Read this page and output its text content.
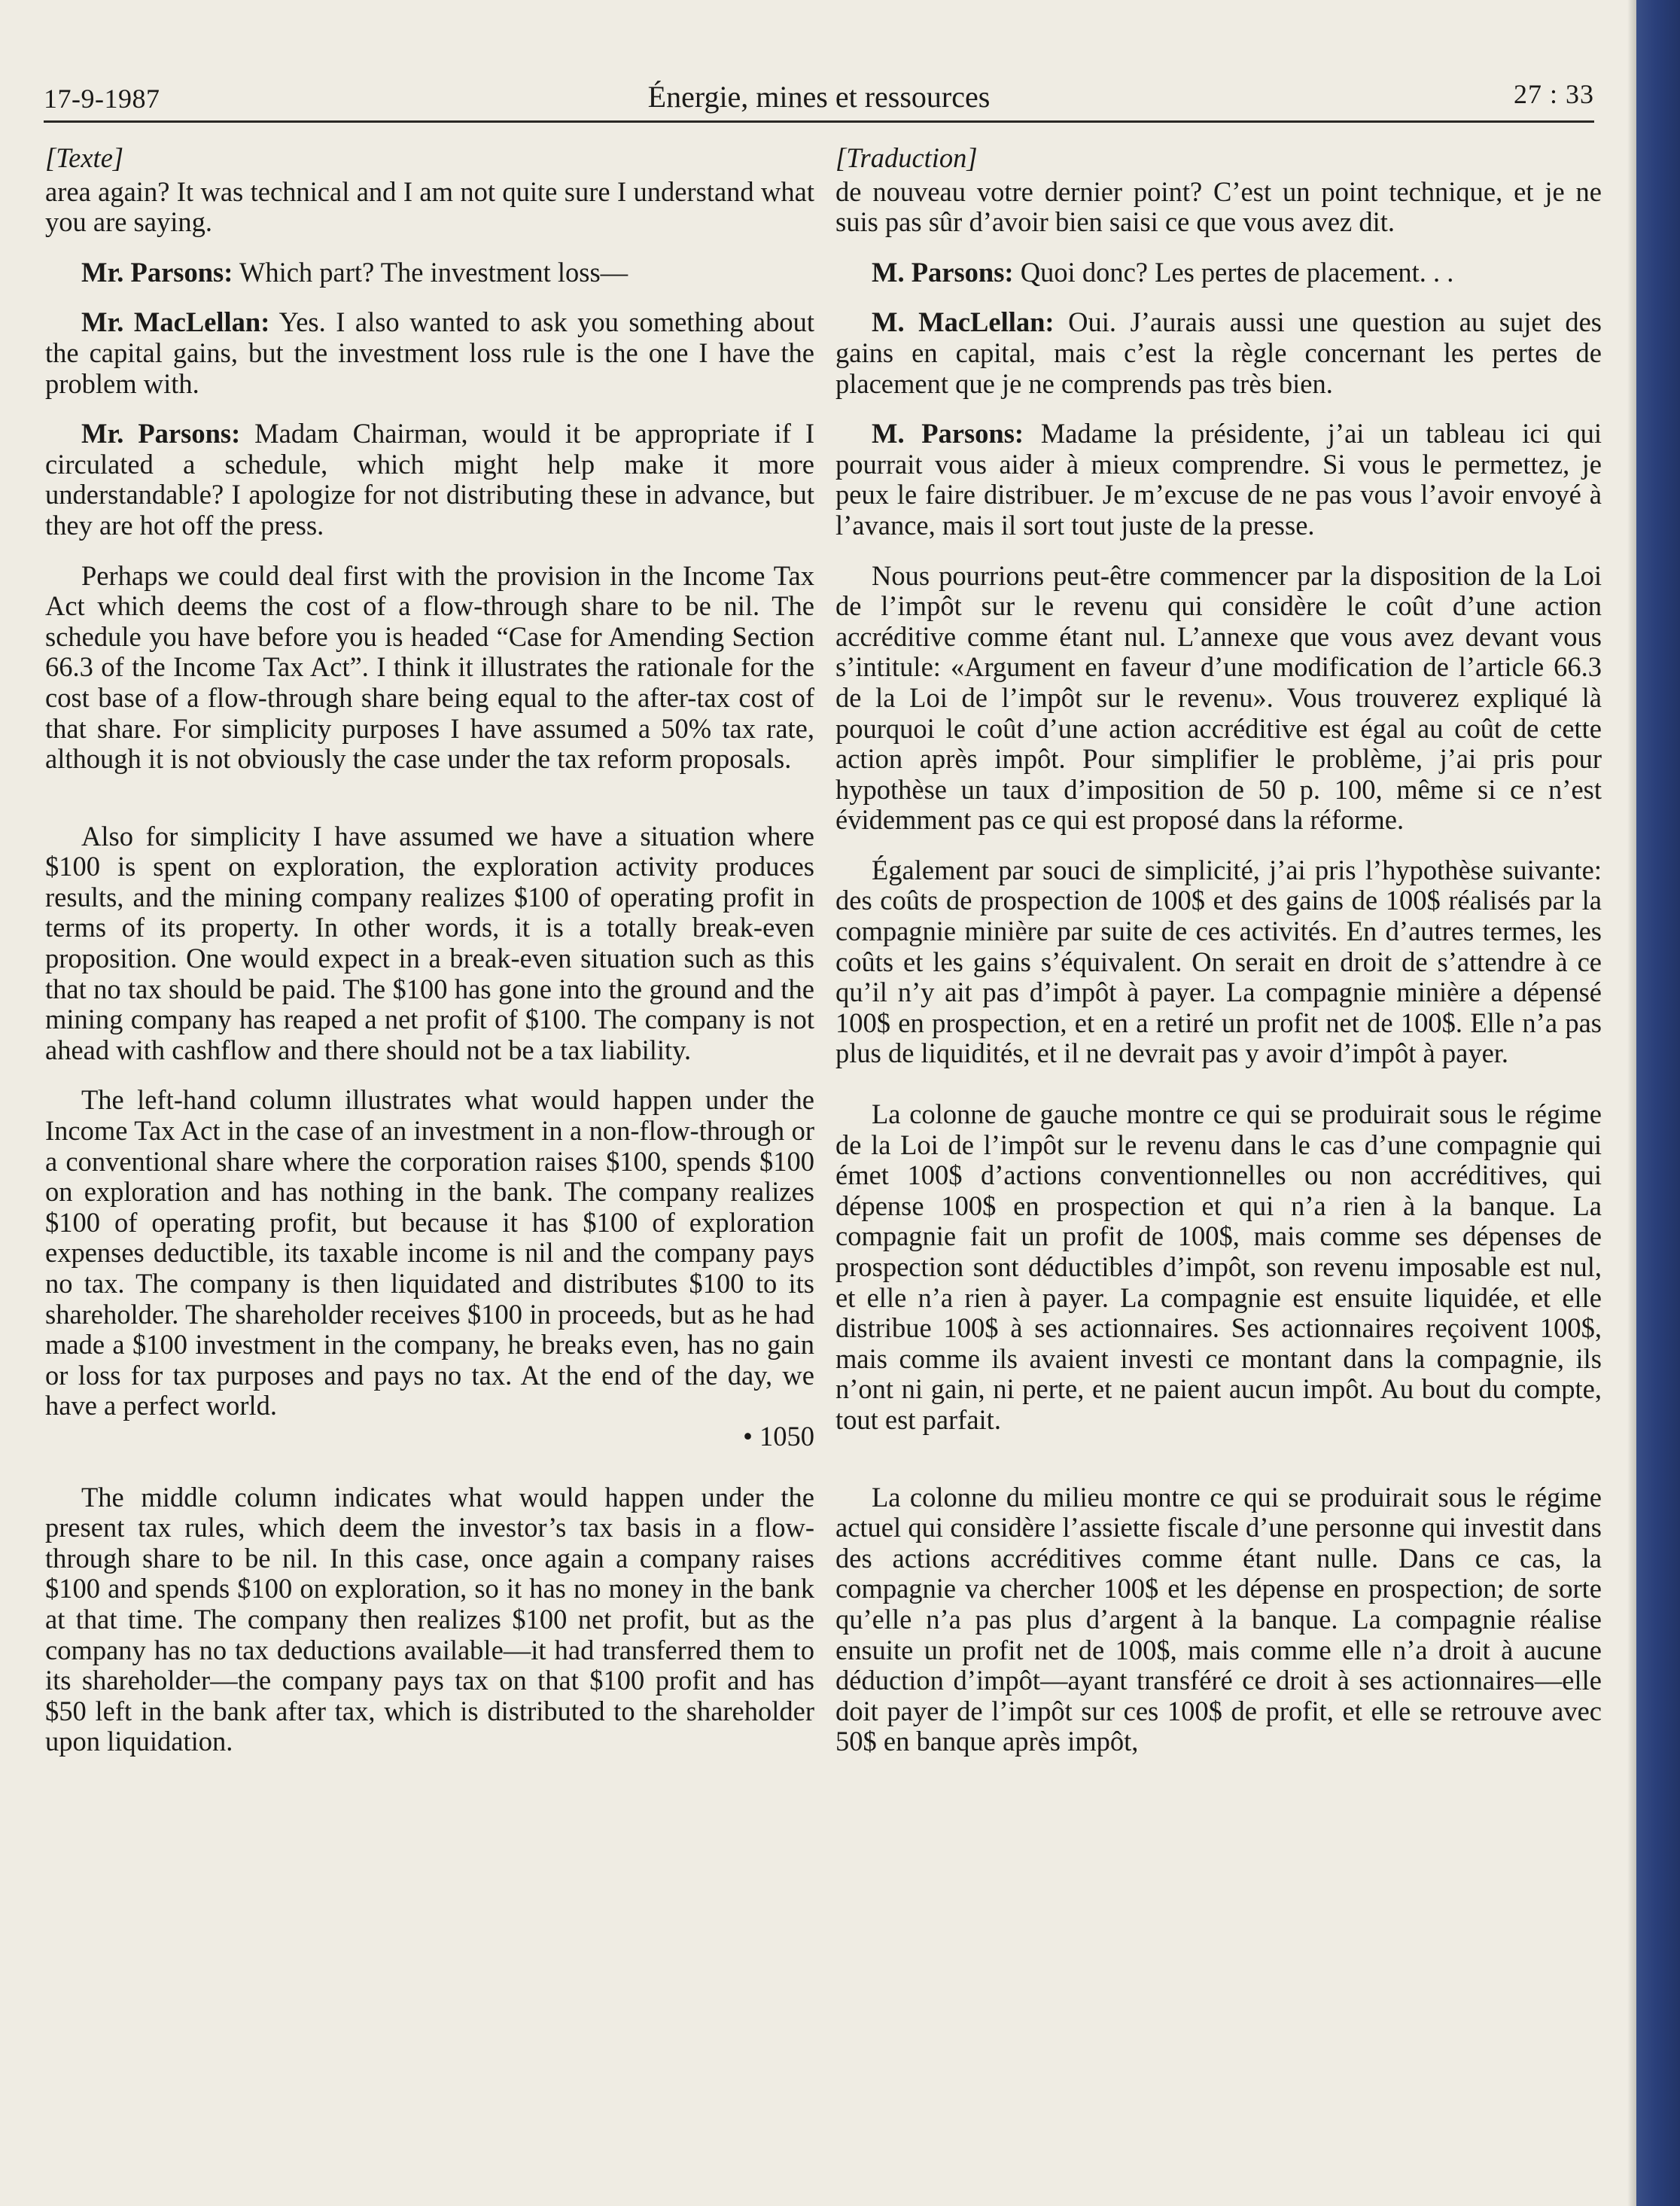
17-9-1987	Énergie, mines et ressources	27 : 33

[Texte]

area again? It was technical and I am not quite sure I understand what you are saying.

Mr. Parsons: Which part? The investment loss—

Mr. MacLellan: Yes. I also wanted to ask you something about the capital gains, but the investment loss rule is the one I have the problem with.

Mr. Parsons: Madam Chairman, would it be appropriate if I circulated a schedule, which might help make it more understandable? I apologize for not distributing these in advance, but they are hot off the press.

Perhaps we could deal first with the provision in the Income Tax Act which deems the cost of a flow-through share to be nil. The schedule you have before you is headed “Case for Amending Section 66.3 of the Income Tax Act”. I think it illustrates the rationale for the cost base of a flow-through share being equal to the after-tax cost of that share. For simplicity purposes I have assumed a 50% tax rate, although it is not obviously the case under the tax reform proposals.

Also for simplicity I have assumed we have a situation where $100 is spent on exploration, the exploration activity produces results, and the mining company realizes $100 of operating profit in terms of its property. In other words, it is a totally break-even proposition. One would expect in a break-even situation such as this that no tax should be paid. The $100 has gone into the ground and the mining company has reaped a net profit of $100. The company is not ahead with cashflow and there should not be a tax liability.

The left-hand column illustrates what would happen under the Income Tax Act in the case of an investment in a non-flow-through or a conventional share where the corporation raises $100, spends $100 on exploration and has nothing in the bank. The company realizes $100 of operating profit, but because it has $100 of exploration expenses deductible, its taxable income is nil and the company pays no tax. The company is then liquidated and distributes $100 to its shareholder. The shareholder receives $100 in proceeds, but as he had made a $100 investment in the company, he breaks even, has no gain or loss for tax purposes and pays no tax. At the end of the day, we have a perfect world.

• 1050

The middle column indicates what would happen under the present tax rules, which deem the investor’s tax basis in a flow-through share to be nil. In this case, once again a company raises $100 and spends $100 on exploration, so it has no money in the bank at that time. The company then realizes $100 net profit, but as the company has no tax deductions available—it had transferred them to its shareholder—the company pays tax on that $100 profit and has $50 left in the bank after tax, which is distributed to the shareholder upon liquidation.

[Traduction]

de nouveau votre dernier point? C’est un point technique, et je ne suis pas sûr d’avoir bien saisi ce que vous avez dit.

M. Parsons: Quoi donc? Les pertes de placement. . .

M. MacLellan: Oui. J’aurais aussi une question au sujet des gains en capital, mais c’est la règle concernant les pertes de placement que je ne comprends pas très bien.

M. Parsons: Madame la présidente, j’ai un tableau ici qui pourrait vous aider à mieux comprendre. Si vous le permettez, je peux le faire distribuer. Je m’excuse de ne pas vous l’avoir envoyé à l’avance, mais il sort tout juste de la presse.

Nous pourrions peut-être commencer par la disposition de la Loi de l’impôt sur le revenu qui considère le coût d’une action accréditive comme étant nul. L’annexe que vous avez devant vous s’intitule: «Argument en faveur d’une modification de l’article 66.3 de la Loi de l’impôt sur le revenu». Vous trouverez expliqué là pourquoi le coût d’une action accréditive est égal au coût de cette action après impôt. Pour simplifier le problème, j’ai pris pour hypothèse un taux d’imposition de 50 p. 100, même si ce n’est évidemment pas ce qui est proposé dans la réforme.

Également par souci de simplicité, j’ai pris l’hypothèse suivante: des coûts de prospection de 100$ et des gains de 100$ réalisés par la compagnie minière par suite de ces activités. En d’autres termes, les coûts et les gains s’équivalent. On serait en droit de s’attendre à ce qu’il n’y ait pas d’impôt à payer. La compagnie minière a dépensé 100$ en prospection, et en a retiré un profit net de 100$. Elle n’a pas plus de liquidités, et il ne devrait pas y avoir d’impôt à payer.

La colonne de gauche montre ce qui se produirait sous le régime de la Loi de l’impôt sur le revenu dans le cas d’une compagnie qui émet 100$ d’actions conventionnelles ou non accréditives, qui dépense 100$ en prospection et qui n’a rien à la banque. La compagnie fait un profit de 100$, mais comme ses dépenses de prospection sont déductibles d’impôt, son revenu imposable est nul, et elle n’a rien à payer. La compagnie est ensuite liquidée, et elle distribue 100$ à ses actionnaires. Ses actionnaires reçoivent 100$, mais comme ils avaient investi ce montant dans la compagnie, ils n’ont ni gain, ni perte, et ne paient aucun impôt. Au bout du compte, tout est parfait.

La colonne du milieu montre ce qui se produirait sous le régime actuel qui considère l’assiette fiscale d’une personne qui investit dans des actions accréditives comme étant nulle. Dans ce cas, la compagnie va chercher 100$ et les dépense en prospection; de sorte qu’elle n’a pas plus d’argent à la banque. La compagnie réalise ensuite un profit net de 100$, mais comme elle n’a droit à aucune déduction d’impôt—ayant transféré ce droit à ses actionnaires—elle doit payer de l’impôt sur ces 100$ de profit, et elle se retrouve avec 50$ en banque après impôt,
